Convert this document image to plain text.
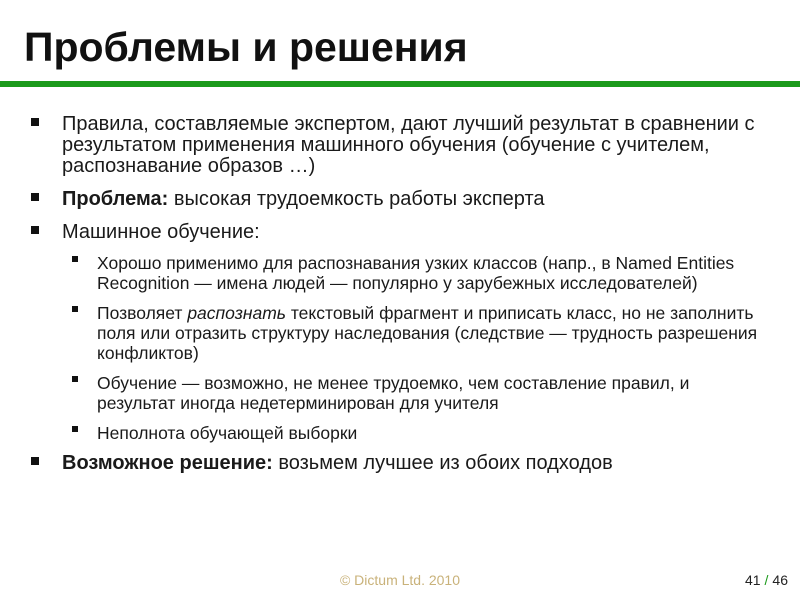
Проблемы и решения
Правила, составляемые экспертом, дают лучший результат в сравнении с результатом применения машинного обучения (обучение с учителем, распознавание образов …)
Проблема: высокая трудоемкость работы эксперта
Машинное обучение:
Хорошо применимо для распознавания узких классов (напр., в Named Entities Recognition — имена людей — популярно у зарубежных исследователей)
Позволяет распознать текстовый фрагмент и приписать класс, но не заполнить поля или отразить структуру наследования (следствие — трудность разрешения конфликтов)
Обучение — возможно, не менее трудоемко, чем составление правил, и результат иногда недетерминирован для учителя
Неполнота обучающей выборки
Возможное решение: возьмем лучшее из обоих подходов
© Dictum Ltd. 2010	41 / 46
